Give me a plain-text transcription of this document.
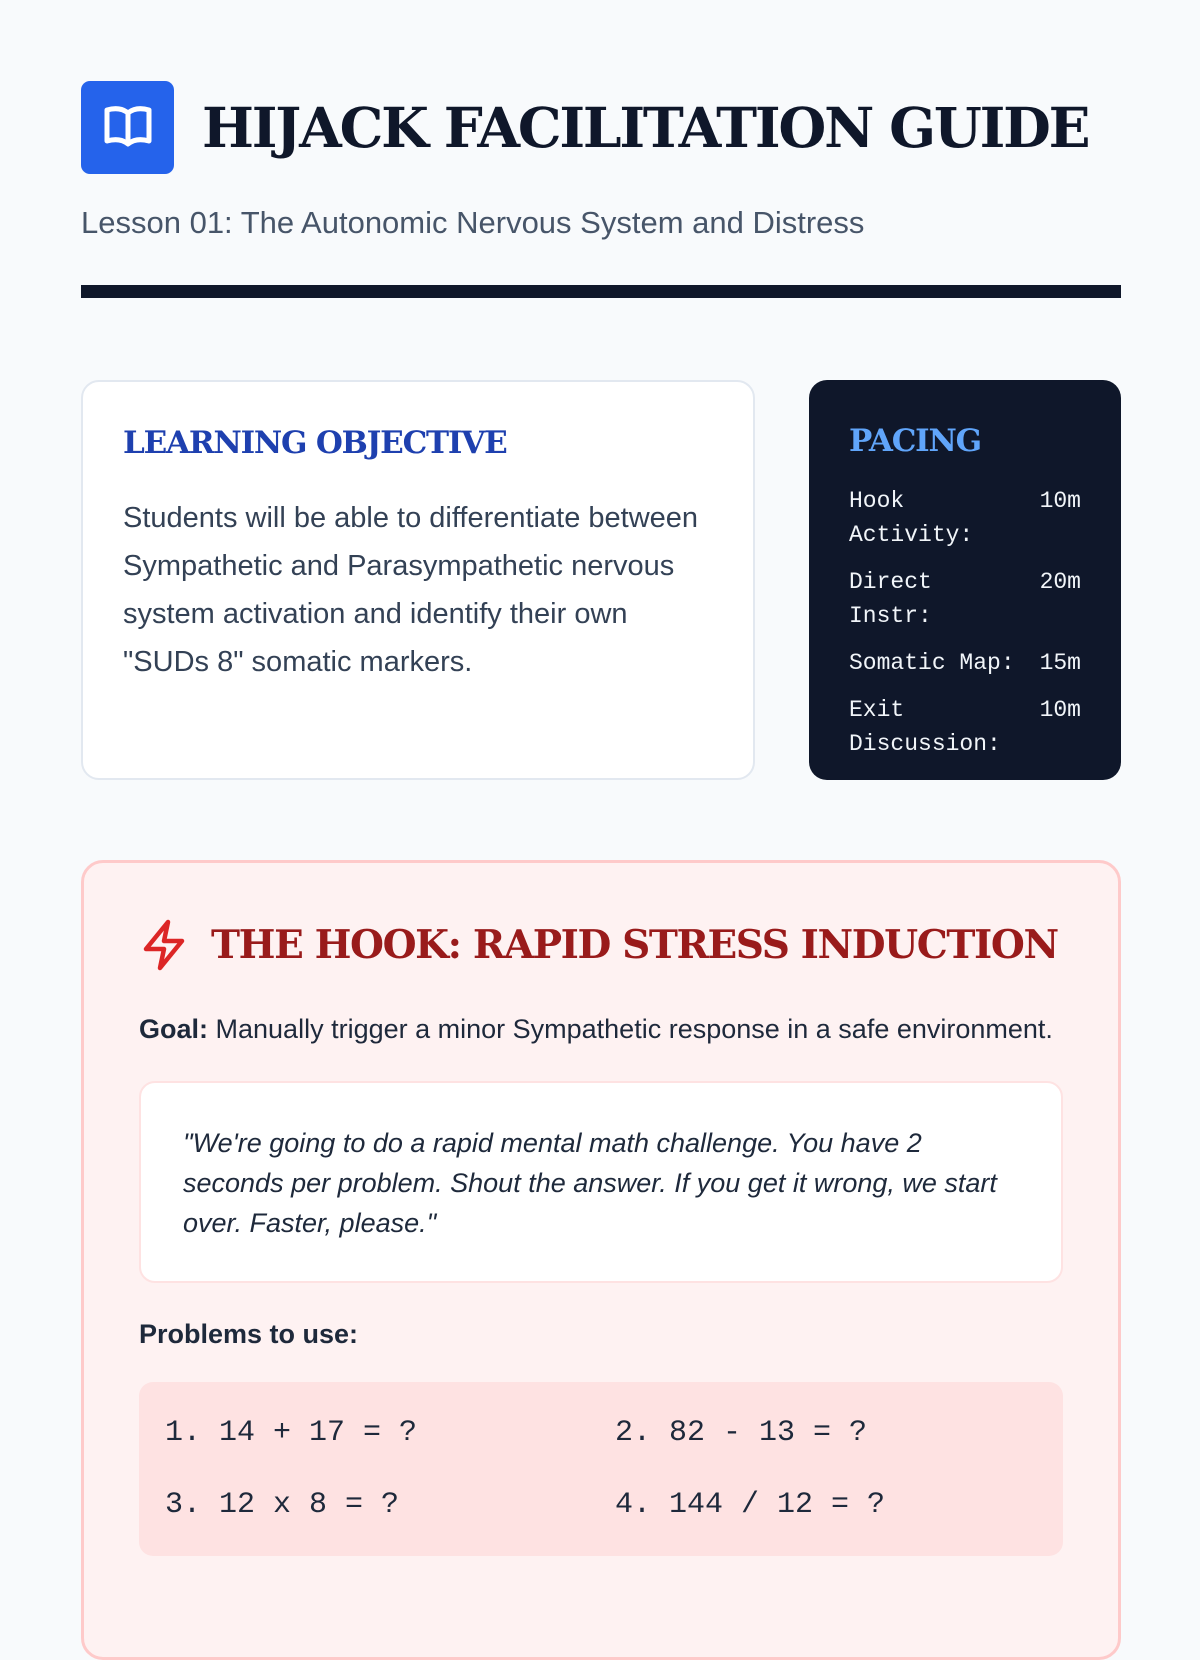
HIJACK FACILITATION GUIDE
Lesson 01: The Autonomic Nervous System and Distress
LEARNING OBJECTIVE

Students will be able to differentiate between Sympathetic and Parasympathetic nervous system activation and identify their own "SUDs 8" somatic markers.

PACING
Hook Activity:
10m
Direct Instr:
20m
Somatic Map:	15m
Exit Discussion:
10m
THE HOOK: RAPID STRESS INDUCTION

Goal: Manually trigger a minor Sympathetic response in a safe environment.

"We're going to do a rapid mental math challenge. You have 2 seconds per problem. Shout the answer. If you get it wrong, we start over. Faster, please."

Problems to use:
1. 14 + 17 = ?	2. 82 - 13 = ?
3. 12 x 8 = ?	4. 144 / 12 = ?
